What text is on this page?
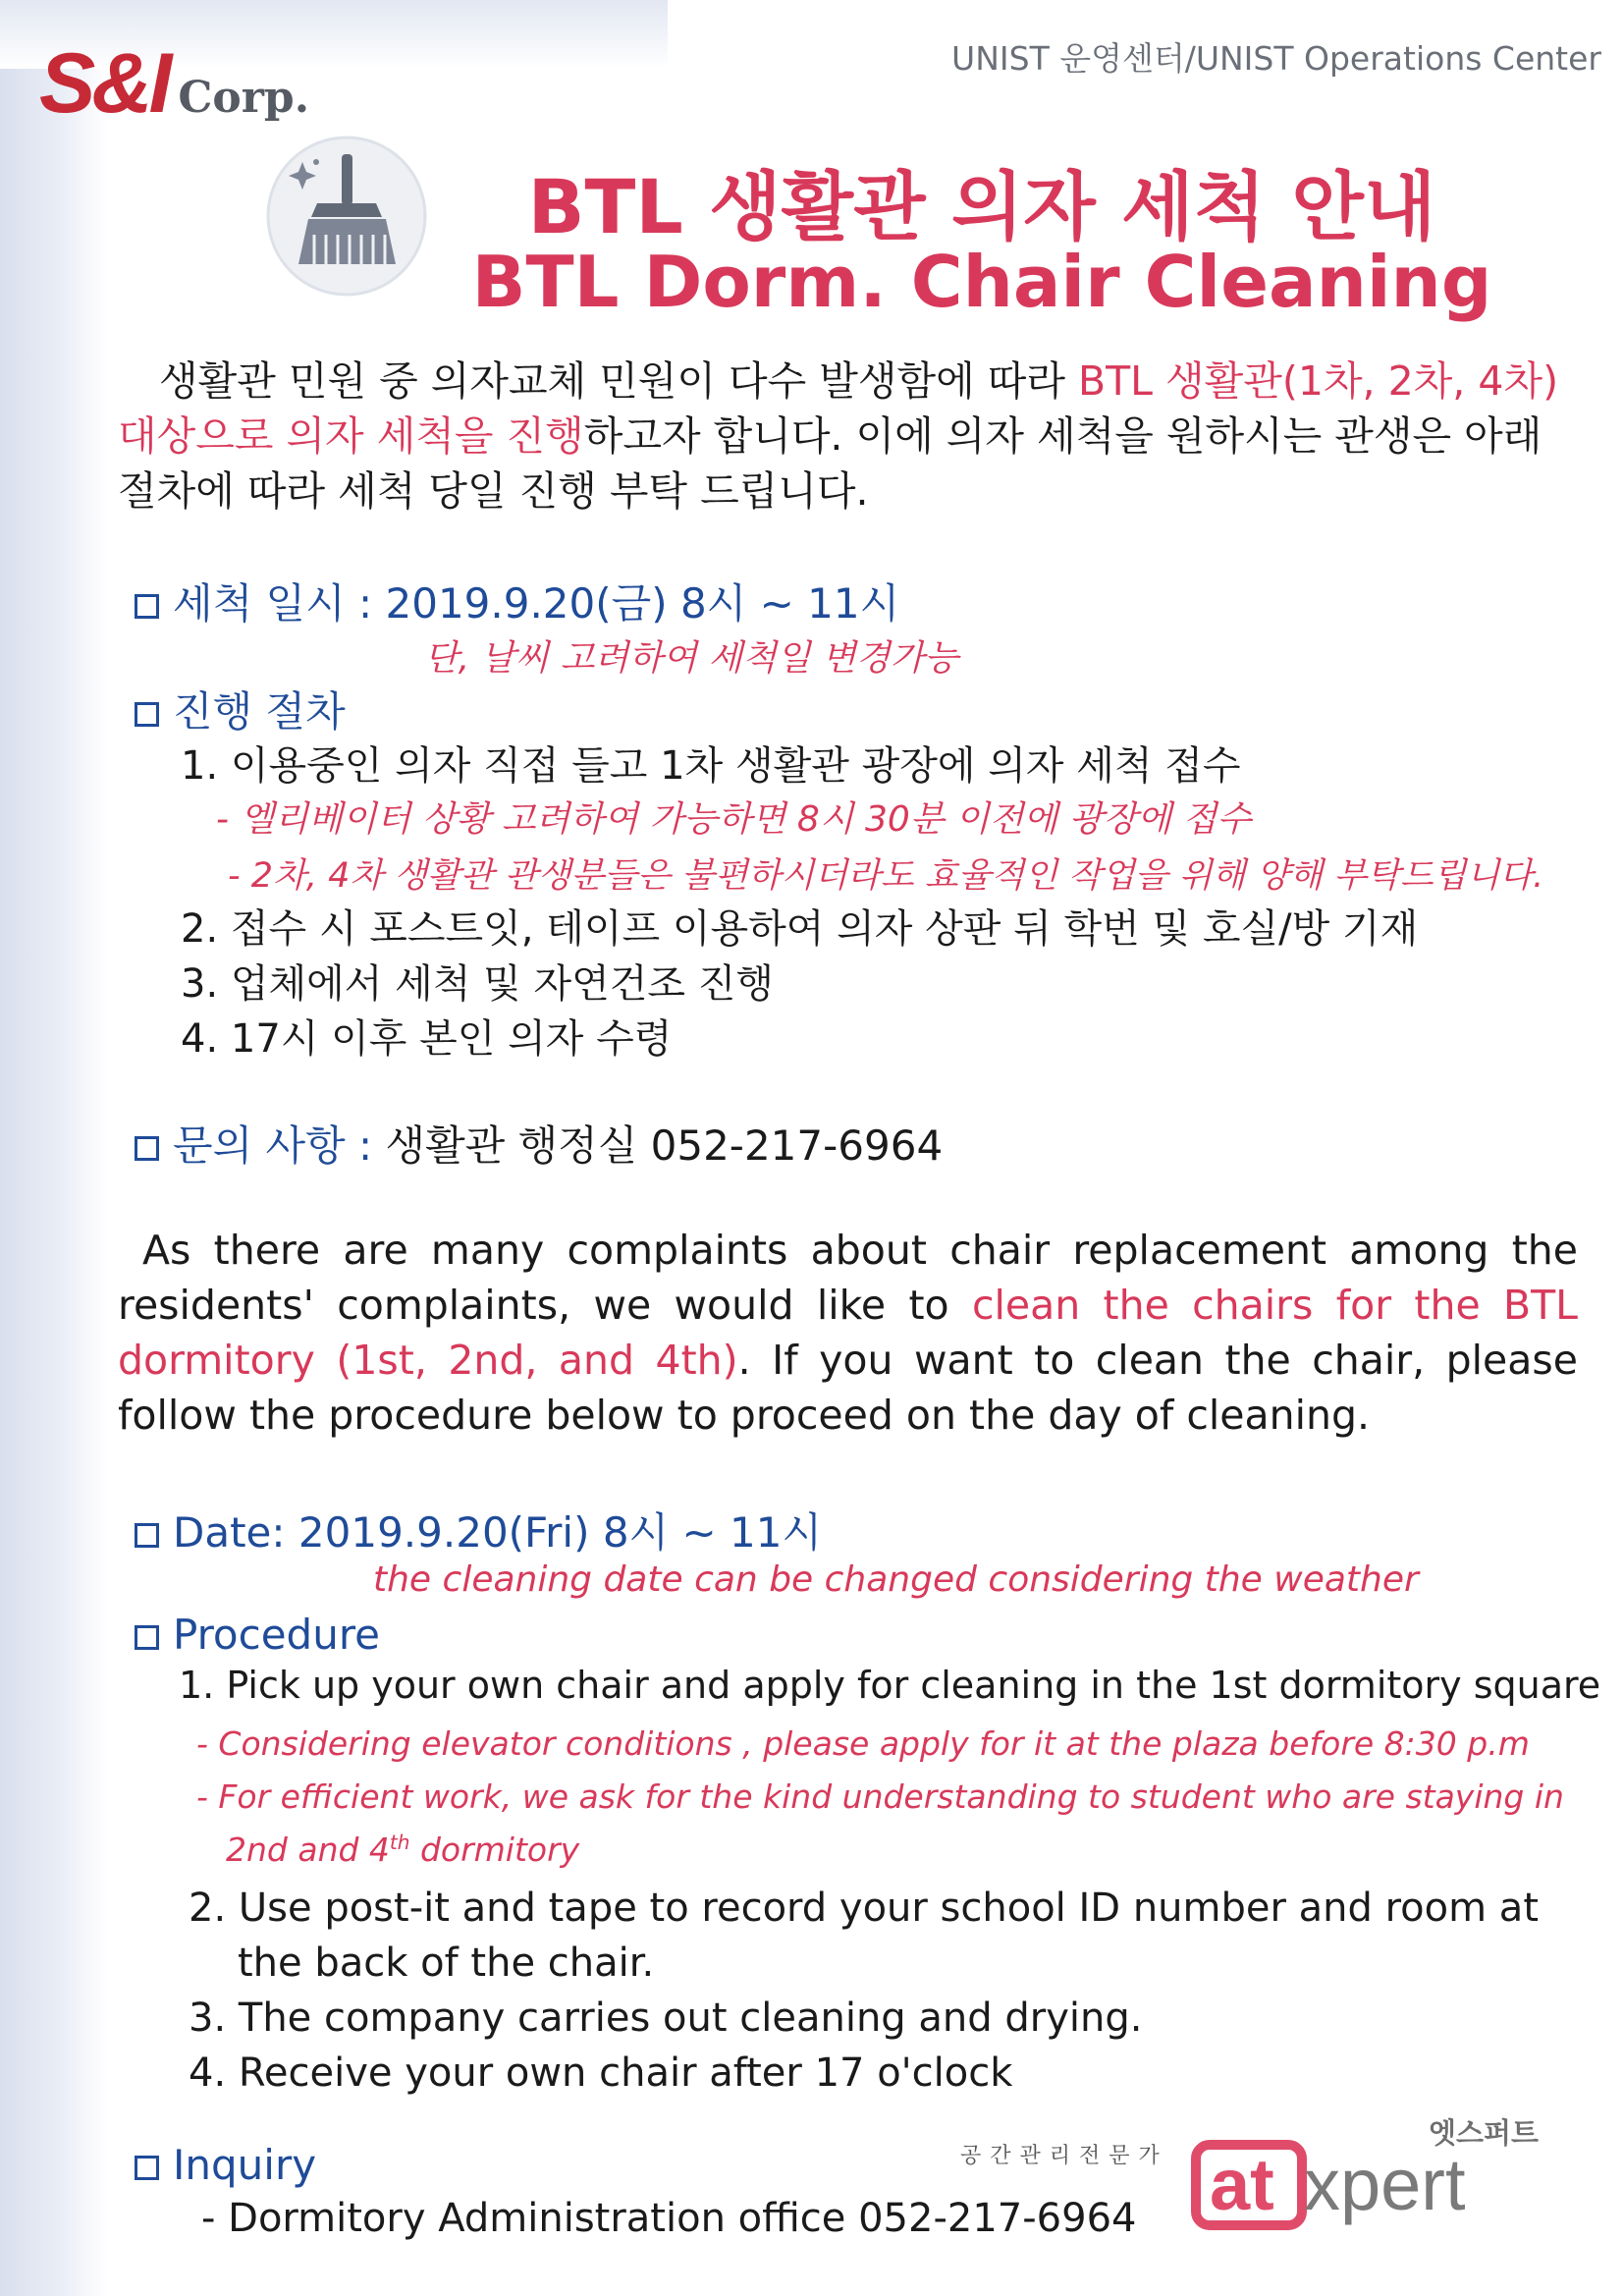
S&I Corp.
UNIST 운영센터/UNIST Operations Center
BTL 생활관 의자 세척 안내
BTL Dorm. Chair Cleaning
생활관 민원 중 의자교체 민원이 다수 발생함에 따라 BTL 생활관(1차, 2차, 4차)
대상으로 의자 세척을 진행하고자 합니다. 이에 의자 세척을 원하시는 관생은 아래
절차에 따라 세척 당일 진행 부탁 드립니다.
세척 일시 : 2019.9.20(금) 8시 ~ 11시
단, 날씨 고려하여 세척일 변경가능
진행 절차
1. 이용중인 의자 직접 들고 1차 생활관 광장에 의자 세척 접수
- 엘리베이터 상황 고려하여 가능하면 8시 30분 이전에 광장에 접수
- 2차, 4차 생활관 관생분들은 불편하시더라도 효율적인 작업을 위해 양해 부탁드립니다.
2. 접수 시 포스트잇, 테이프 이용하여 의자 상판 뒤 학번 및 호실/방 기재
3. 업체에서 세척 및 자연건조 진행
4. 17시 이후 본인 의자 수령
문의 사항 : 생활관 행정실 052-217-6964
As there are many complaints about chair replacement among the
residents' complaints, we would like to clean the chairs for the BTL
dormitory (1st, 2nd, and 4th). If you want to clean the chair, please
follow the procedure below to proceed on the day of cleaning.
Date: 2019.9.20(Fri) 8시 ~ 11시
the cleaning date can be changed considering the weather
Procedure
1. Pick up your own chair and apply for cleaning in the 1st dormitory square
- Considering elevator conditions , please apply for it at the plaza before 8:30 p.m
- For efficient work, we ask for the kind understanding to student who are staying in
2nd and 4th dormitory
2. Use post-it and tape to record your school ID number and room at
the back of the chair.
3. The company carries out cleaning and drying.
4. Receive your own chair after 17 o'clock
Inquiry
- Dormitory Administration office 052-217-6964
공간관리전문가
엣스퍼트
at xpert
